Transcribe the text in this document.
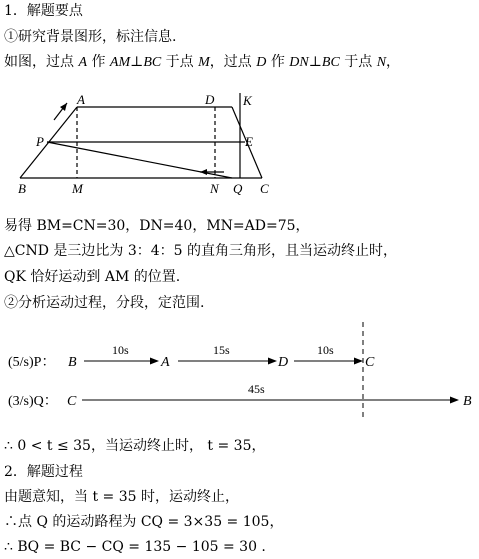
1．解题要点
①研究背景图形，标注信息.
如图，过点 A 作 AM⊥BC 于点 M，过点 D 作 DN⊥BC 于点 N，
A	D K
P	E
B	M	N Q C
易得 BM=CN=30，DN=40，MN=AD=75，
△CND 是三边比为 3：4：5 的直角三角形，且当运动终止时，
QK 恰好运动到 AM 的位置.
②分析运动过程，分段，定范围.
(5/s)P： B	A	D	C
10s	15s	10s
(3/s)Q： C	B
45s
∴ 0 < t ≤ 35，当运动终止时， t = 35，
2．解题过程
由题意知，当 t = 35 时，运动终止，
∴点 Q 的运动路程为 CQ = 3×35 = 105，
∴ BQ = BC − CQ = 135 − 105 = 30 .
